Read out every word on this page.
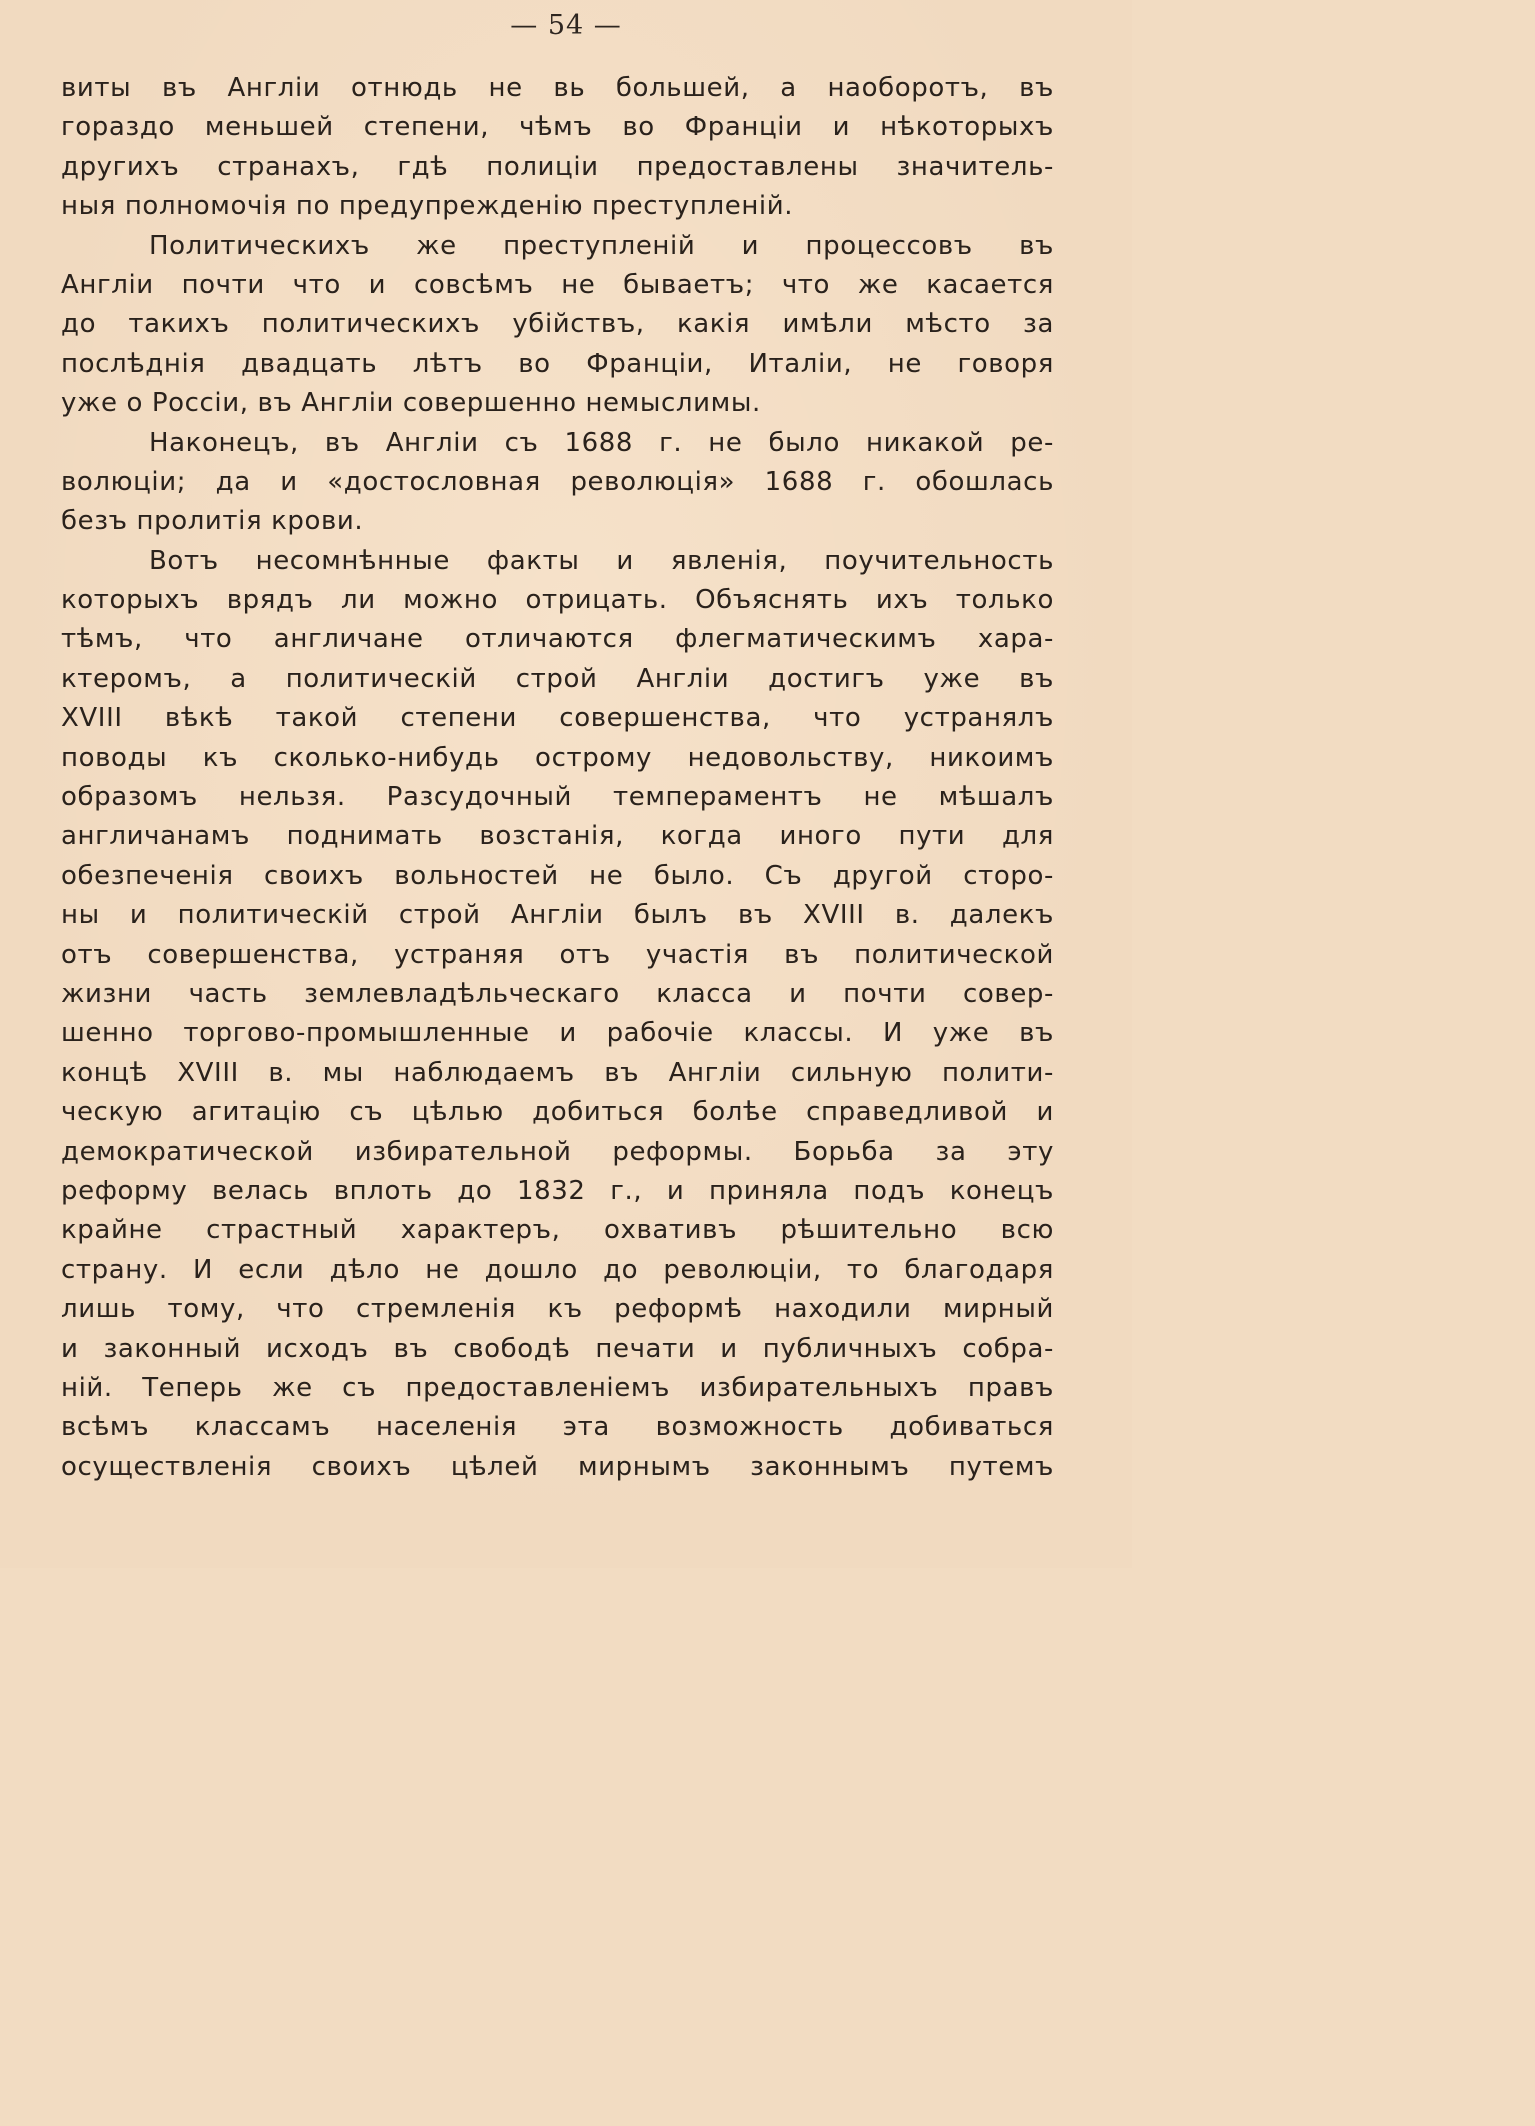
— 54 —
виты въ Англіи отнюдь не вь большей, а наоборотъ, въ
гораздо меньшей степени, чѣмъ во Франціи и нѣкоторыхъ
другихъ странахъ, гдѣ полиціи предоставлены значитель-
ныя полномочія по предупрежденію преступленій.
Политическихъ же преступленій и процессовъ въ
Англіи почти что и совсѣмъ не бываетъ; что же касается
до такихъ политическихъ убійствъ, какія имѣли мѣсто за
послѣднія двадцать лѣтъ во Франціи, Италіи, не говоря
уже о Россіи, въ Англіи совершенно немыслимы.
Наконецъ, въ Англіи съ 1688 г. не было никакой ре-
волюціи; да и «достословная революція» 1688 г. обошлась
безъ пролитія крови.
Вотъ несомнѣнные факты и явленія, поучительность
которыхъ врядъ ли можно отрицать. Объяснять ихъ только
тѣмъ, что англичане отличаются флегматическимъ хара-
ктеромъ, а политическій строй Англіи достигъ уже въ
XVIII вѣкѣ такой степени совершенства, что устранялъ
поводы къ сколько-нибудь острому недовольству, никоимъ
образомъ нельзя. Разсудочный темпераментъ не мѣшалъ
англичанамъ поднимать возстанія, когда иного пути для
обезпеченія своихъ вольностей не было. Съ другой сторо-
ны и политическій строй Англіи былъ въ XVIII в. далекъ
отъ совершенства, устраняя отъ участія въ политической
жизни часть землевладѣльческаго класса и почти совер-
шенно торгово-промышленные и рабочіе классы. И уже въ
концѣ XVIII в. мы наблюдаемъ въ Англіи сильную полити-
ческую агитацію съ цѣлью добиться болѣе справедливой и
демократической избирательной реформы. Борьба за эту
реформу велась вплоть до 1832 г., и приняла подъ конецъ
крайне страстный характеръ, охвативъ рѣшительно всю
страну. И если дѣло не дошло до революціи, то благодаря
лишь тому, что стремленія къ реформѣ находили мирный
и законный исходъ въ свободѣ печати и публичныхъ собра-
ній. Теперь же съ предоставленіемъ избирательныхъ правъ
всѣмъ классамъ населенія эта возможность добиваться
осуществленія своихъ цѣлей мирнымъ законнымъ путемъ
